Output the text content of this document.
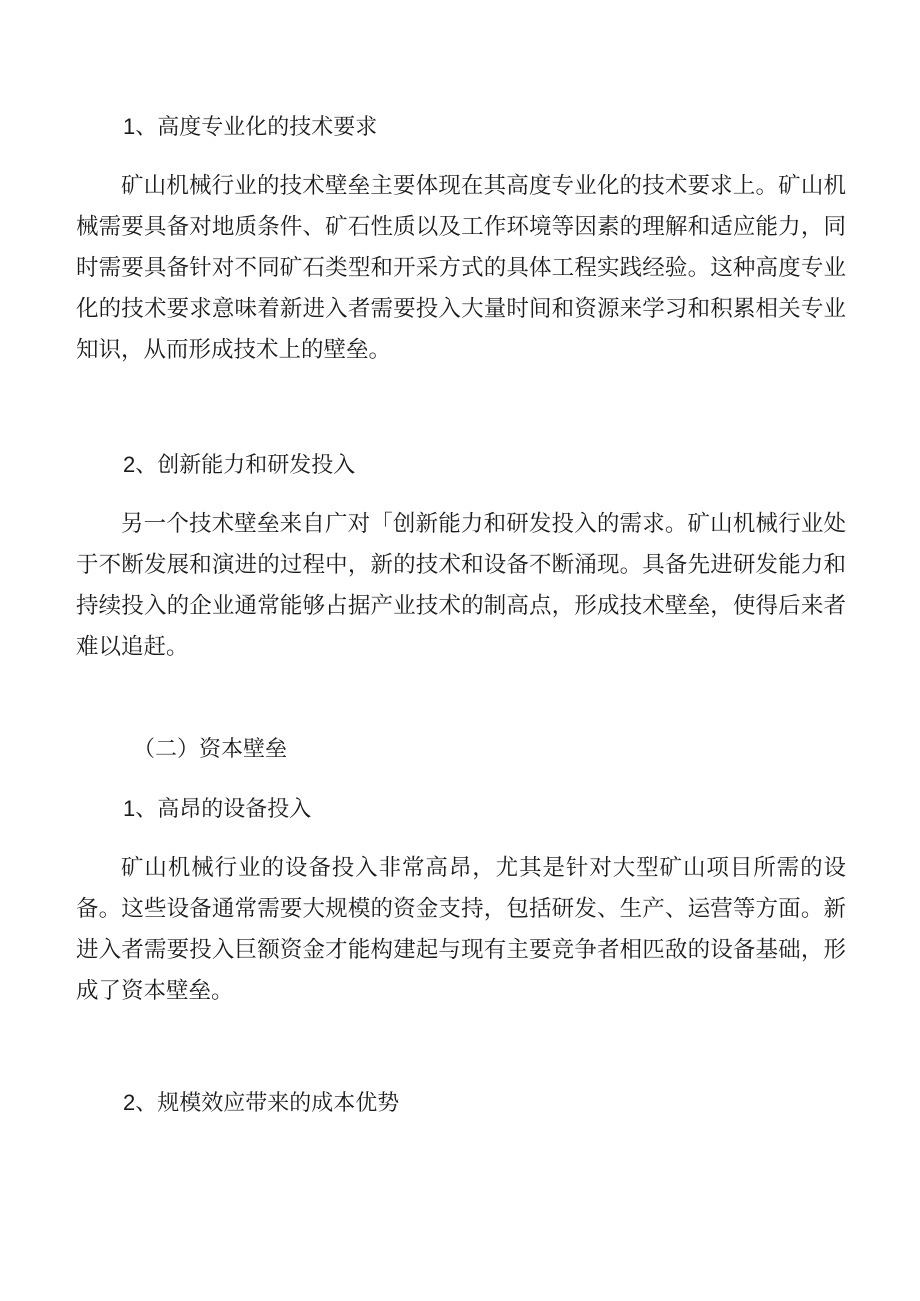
1、高度专业化的技术要求

矿山机械行业的技术壁垒主要体现在其高度专业化的技术要求上。矿山机械需要具备对地质条件、矿石性质以及工作环境等因素的理解和适应能力，同时需要具备针对不同矿石类型和开采方式的具体工程实践经验。这种高度专业化的技术要求意味着新进入者需要投入大量时间和资源来学习和积累相关专业知识，从而形成技术上的壁垒。

2、创新能力和研发投入

另一个技术壁垒来自广对「创新能力和研发投入的需求。矿山机械行业处于不断发展和演进的过程中，新的技术和设备不断涌现。具备先进研发能力和持续投入的企业通常能够占据产业技术的制高点，形成技术壁垒，使得后来者难以追赶。

（二）资本壁垒
1、高昂的设备投入

矿山机械行业的设备投入非常高昂，尤其是针对大型矿山项目所需的设备。这些设备通常需要大规模的资金支持，包括研发、生产、运营等方面。新进入者需要投入巨额资金才能构建起与现有主要竞争者相匹敌的设备基础，形成了资本壁垒。

2、规模效应带来的成本优势
